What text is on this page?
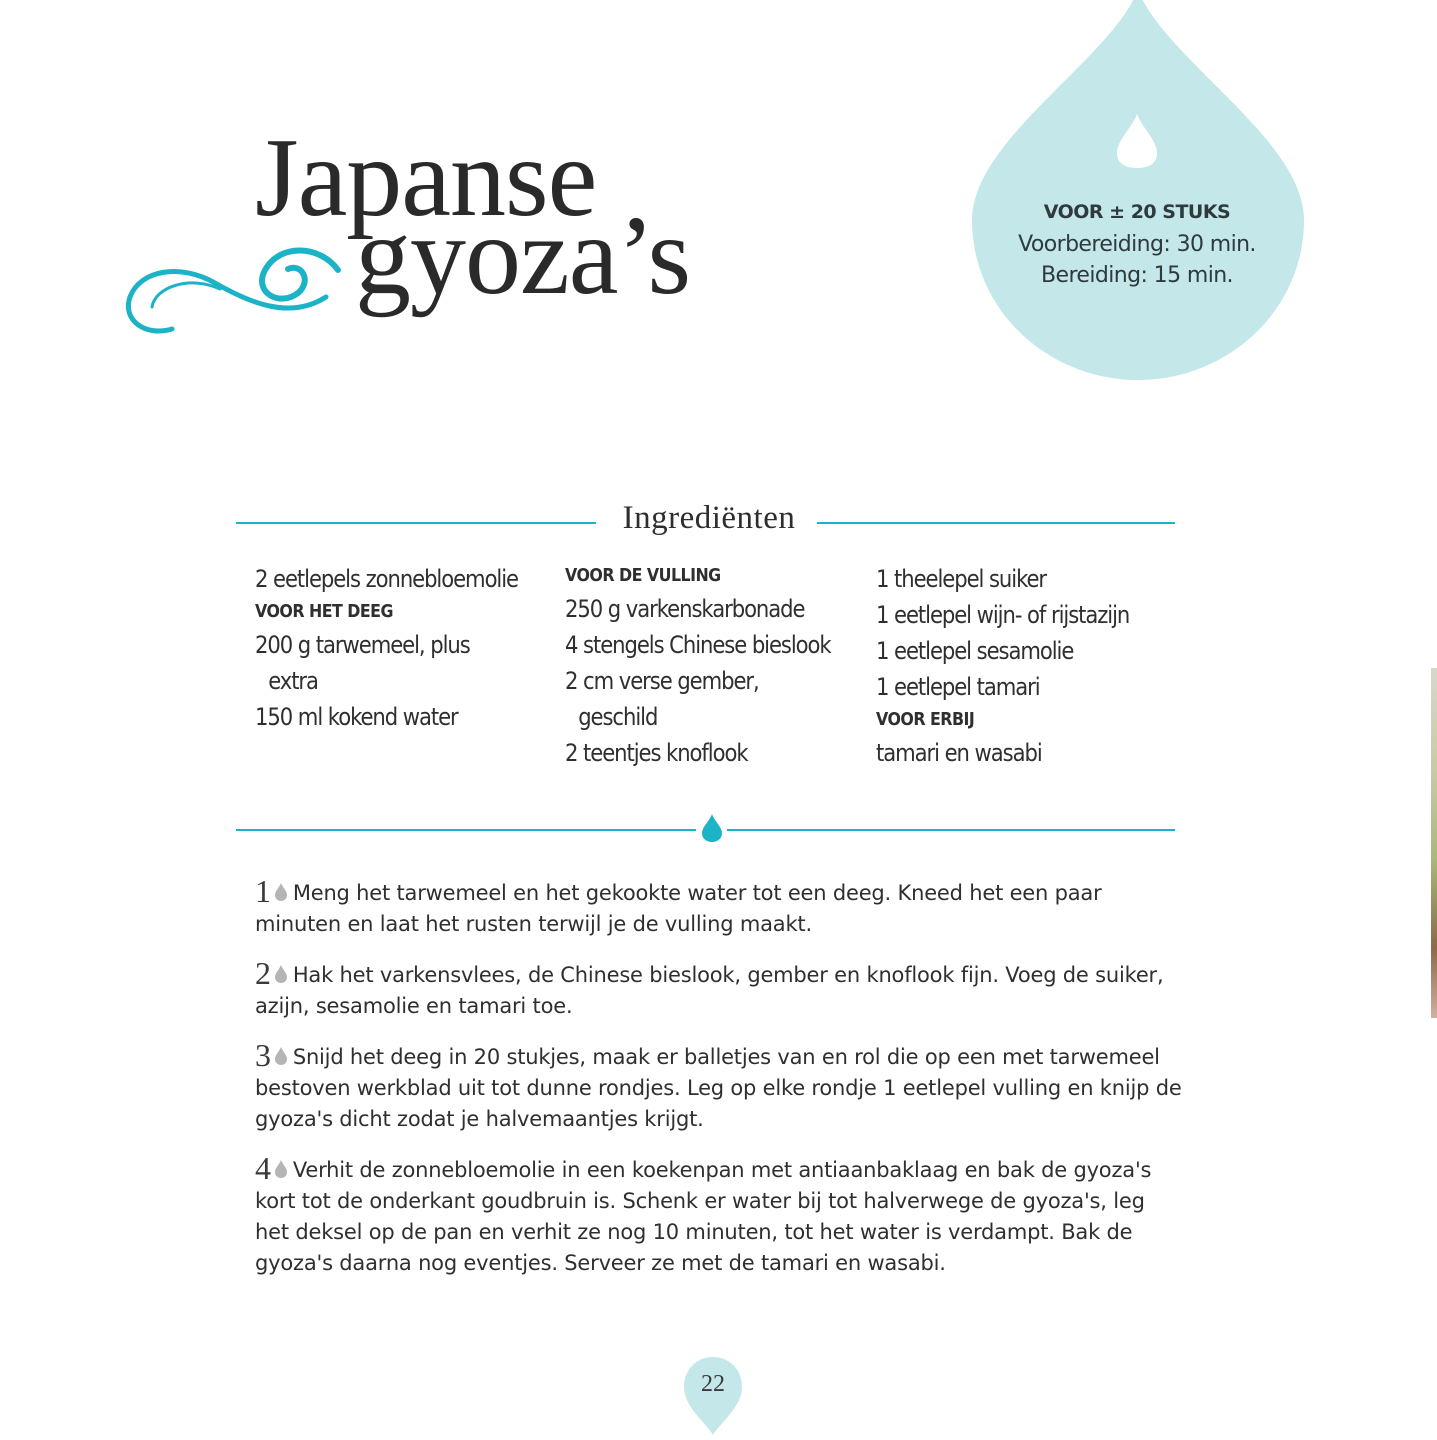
Japanse
gyoza’s	VOOR ± 20 STUKS
Voorbereiding: 30 min.
Bereiding: 15 min.
Ingrediënten
2 eetlepels zonnebloemolie
VOOR HET DEEG
200 g tarwemeel, plus
extra
150 ml kokend water
VOOR DE VULLING
250 g varkenskarbonade
4 stengels Chinese bieslook
2 cm verse gember,
geschild
2 teentjes knoflook
1 theelepel suiker
1 eetlepel wijn- of rijstazijn
1 eetlepel sesamolie
1 eetlepel tamari
VOOR ERBIJ
tamari en wasabi
1 Meng het tarwemeel en het gekookte water tot een deeg. Kneed het een paar minuten en laat het rusten terwijl je de vulling maakt.
2 Hak het varkensvlees, de Chinese bieslook, gember en knoflook fijn. Voeg de suiker, azijn, sesamolie en tamari toe.
3 Snijd het deeg in 20 stukjes, maak er balletjes van en rol die op een met tarwemeel bestoven werkblad uit tot dunne rondjes. Leg op elke rondje 1 eetlepel vulling en knijp de gyoza's dicht zodat je halvemaantjes krijgt.
4 Verhit de zonnebloemolie in een koekenpan met antiaanbaklaag en bak de gyoza's kort tot de onderkant goudbruin is. Schenk er water bij tot halverwege de gyoza's, leg het deksel op de pan en verhit ze nog 10 minuten, tot het water is verdampt. Bak de gyoza's daarna nog eventjes. Serveer ze met de tamari en wasabi.
22
